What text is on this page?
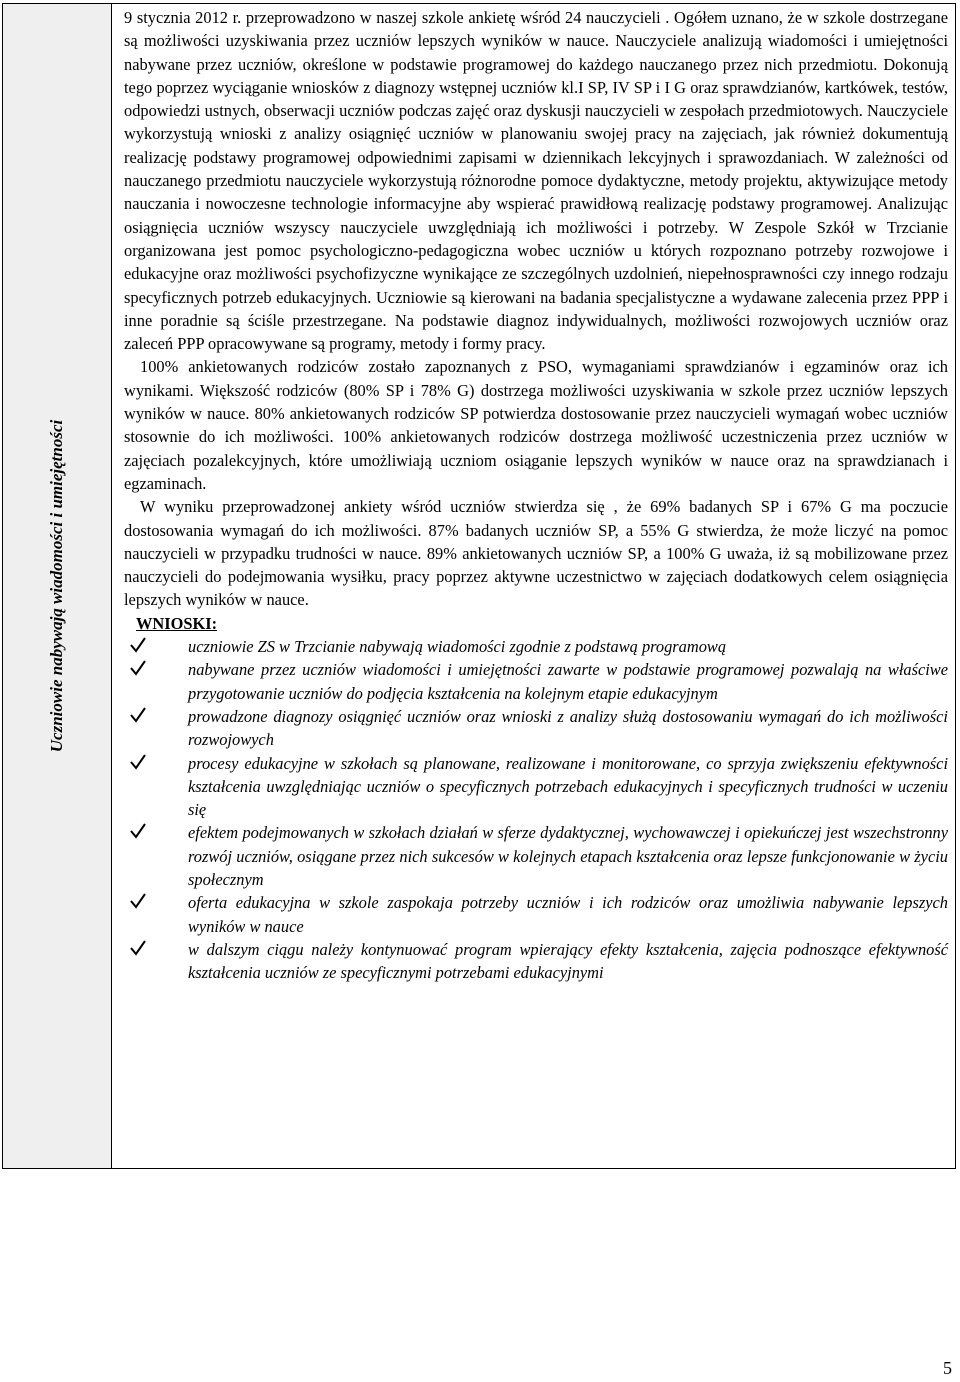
Uczniowie nabywają wiadomości i umiejętności

9 stycznia 2012 r. przeprowadzono w naszej szkole ankietę wśród 24 nauczycieli . Ogółem uznano, że w szkole dostrzegane są możliwości uzyskiwania przez uczniów lepszych wyników w nauce. Nauczyciele analizują wiadomości i umiejętności nabywane przez uczniów, określone w podstawie programowej do każdego nauczanego przez nich przedmiotu. Dokonują tego poprzez wyciąganie wniosków z diagnozy wstępnej uczniów kl.I SP, IV SP i I G oraz sprawdzianów, kartkówek, testów, odpowiedzi ustnych, obserwacji uczniów podczas zajęć oraz dyskusji nauczycieli w zespołach przedmiotowych. Nauczyciele wykorzystują wnioski z analizy osiągnięć uczniów w planowaniu swojej pracy na zajęciach, jak również dokumentują realizację podstawy programowej odpowiednimi zapisami w dziennikach lekcyjnych i sprawozdaniach. W zależności od nauczanego przedmiotu nauczyciele wykorzystują różnorodne pomoce dydaktyczne, metody projektu, aktywizujące metody nauczania i nowoczesne technologie informacyjne aby wspierać prawidłową realizację podstawy programowej. Analizując osiągnięcia uczniów wszyscy nauczyciele uwzględniają ich możliwości i potrzeby. W Zespole Szkół w Trzcianie organizowana jest pomoc psychologiczno-pedagogiczna wobec uczniów u których rozpoznano potrzeby rozwojowe i edukacyjne oraz możliwości psychofizyczne wynikające ze szczególnych uzdolnień, niepełnosprawności czy innego rodzaju specyficznych potrzeb edukacyjnych. Uczniowie są kierowani na badania specjalistyczne a wydawane zalecenia przez PPP i inne poradnie są ściśle przestrzegane. Na podstawie diagnoz indywidualnych, możliwości rozwojowych uczniów oraz zaleceń PPP opracowywane są programy, metody i formy pracy.

100% ankietowanych rodziców zostało zapoznanych z PSO, wymaganiami sprawdzianów i egzaminów oraz ich wynikami. Większość rodziców (80% SP i 78% G) dostrzega możliwości uzyskiwania w szkole przez uczniów lepszych wyników w nauce. 80% ankietowanych rodziców SP potwierdza dostosowanie przez nauczycieli wymagań wobec uczniów stosownie do ich możliwości. 100% ankietowanych rodziców dostrzega możliwość uczestniczenia przez uczniów w zajęciach pozalekcyjnych, które umożliwiają uczniom osiąganie lepszych wyników w nauce oraz na sprawdzianach i egzaminach.

W wyniku przeprowadzonej ankiety wśród uczniów stwierdza się , że 69% badanych SP i 67% G ma poczucie dostosowania wymagań do ich możliwości. 87% badanych uczniów SP, a 55% G stwierdza, że może liczyć na pomoc nauczycieli w przypadku trudności w nauce. 89% ankietowanych uczniów SP, a 100% G uważa, iż są mobilizowane przez nauczycieli do podejmowania wysiłku, pracy poprzez aktywne uczestnictwo w zajęciach dodatkowych celem osiągnięcia lepszych wyników w nauce.

WNIOSKI:
uczniowie ZS w Trzcianie nabywają wiadomości zgodnie z podstawą programową
nabywane przez uczniów wiadomości i umiejętności zawarte w podstawie programowej pozwalają na właściwe przygotowanie uczniów do podjęcia kształcenia na kolejnym etapie edukacyjnym
prowadzone diagnozy osiągnięć uczniów oraz wnioski z analizy służą dostosowaniu wymagań do ich możliwości rozwojowych
procesy edukacyjne w szkołach są planowane, realizowane i monitorowane, co sprzyja zwiększeniu efektywności kształcenia uwzględniając uczniów o specyficznych potrzebach edukacyjnych i specyficznych trudności w uczeniu się
efektem podejmowanych w szkołach działań w sferze dydaktycznej, wychowawczej i opiekuńczej jest wszechstronny rozwój uczniów, osiągane przez nich sukcesów w kolejnych etapach kształcenia oraz lepsze funkcjonowanie w życiu społecznym
oferta edukacyjna w szkole zaspokaja potrzeby uczniów i ich rodziców oraz umożliwia nabywanie lepszych wyników w nauce
w dalszym ciągu należy kontynuować program wpierający efekty kształcenia, zajęcia podnoszące efektywność kształcenia uczniów ze specyficznymi potrzebami edukacyjnymi
5
